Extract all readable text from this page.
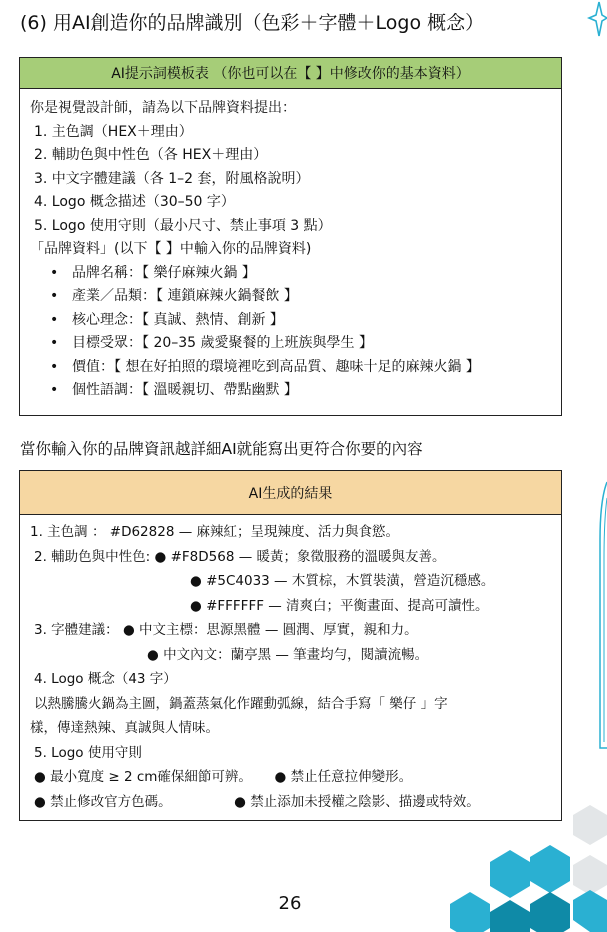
(6) 用AI創造你的品牌識別（色彩＋字體＋Logo 概念）
AI提示詞模板表 （你也可以在【 】中修改你的基本資料）
你是視覺設計師，請為以下品牌資料提出：
1. 主色調（HEX＋理由）
2. 輔助色與中性色（各 HEX＋理由）
3. 中文字體建議（各 1–2 套，附風格說明）
4. Logo 概念描述（30–50 字）
5. Logo 使用守則（最小尺寸、禁止事項 3 點）
「品牌資料」(以下【 】中輸入你的品牌資料)
• 品牌名稱：【 樂仔麻辣火鍋 】
• 產業／品類：【 連鎖麻辣火鍋餐飲 】
• 核心理念：【 真誠、熱情、創新 】
• 目標受眾：【 20–35 歲愛聚餐的上班族與學生 】
• 價值：【 想在好拍照的環境裡吃到高品質、趣味十足的麻辣火鍋 】
• 個性語調：【 溫暖親切、帶點幽默 】
當你輸入你的品牌資訊越詳細AI就能寫出更符合你要的內容
AI生成的結果
1. 主色調 ： #D62828 — 麻辣紅；呈現辣度、活力與食慾。
2. 輔助色與中性色: ● #F8D568 — 暖黃；象徵服務的溫暖與友善。
● #5C4033 — 木質棕，木質裝潢，營造沉穩感。
● #FFFFFF — 清爽白；平衡畫面、提高可讀性。
3. 字體建議： ● 中文主標：思源黑體 — 圓潤、厚實，親和力。
● 中文內文：蘭亭黑 — 筆畫均勻，閱讀流暢。
4. Logo 概念（43 字）
以熱騰騰火鍋為主圖，鍋蓋蒸氣化作躍動弧線，結合手寫「 樂仔 」字
樣，傳達熱辣、真誠與人情味。
5. Logo 使用守則
● 最小寬度 ≥ 2 cm確保細節可辨。 ● 禁止任意拉伸變形。
● 禁止修改官方色碼。	● 禁止添加未授權之陰影、描邊或特效。
26
